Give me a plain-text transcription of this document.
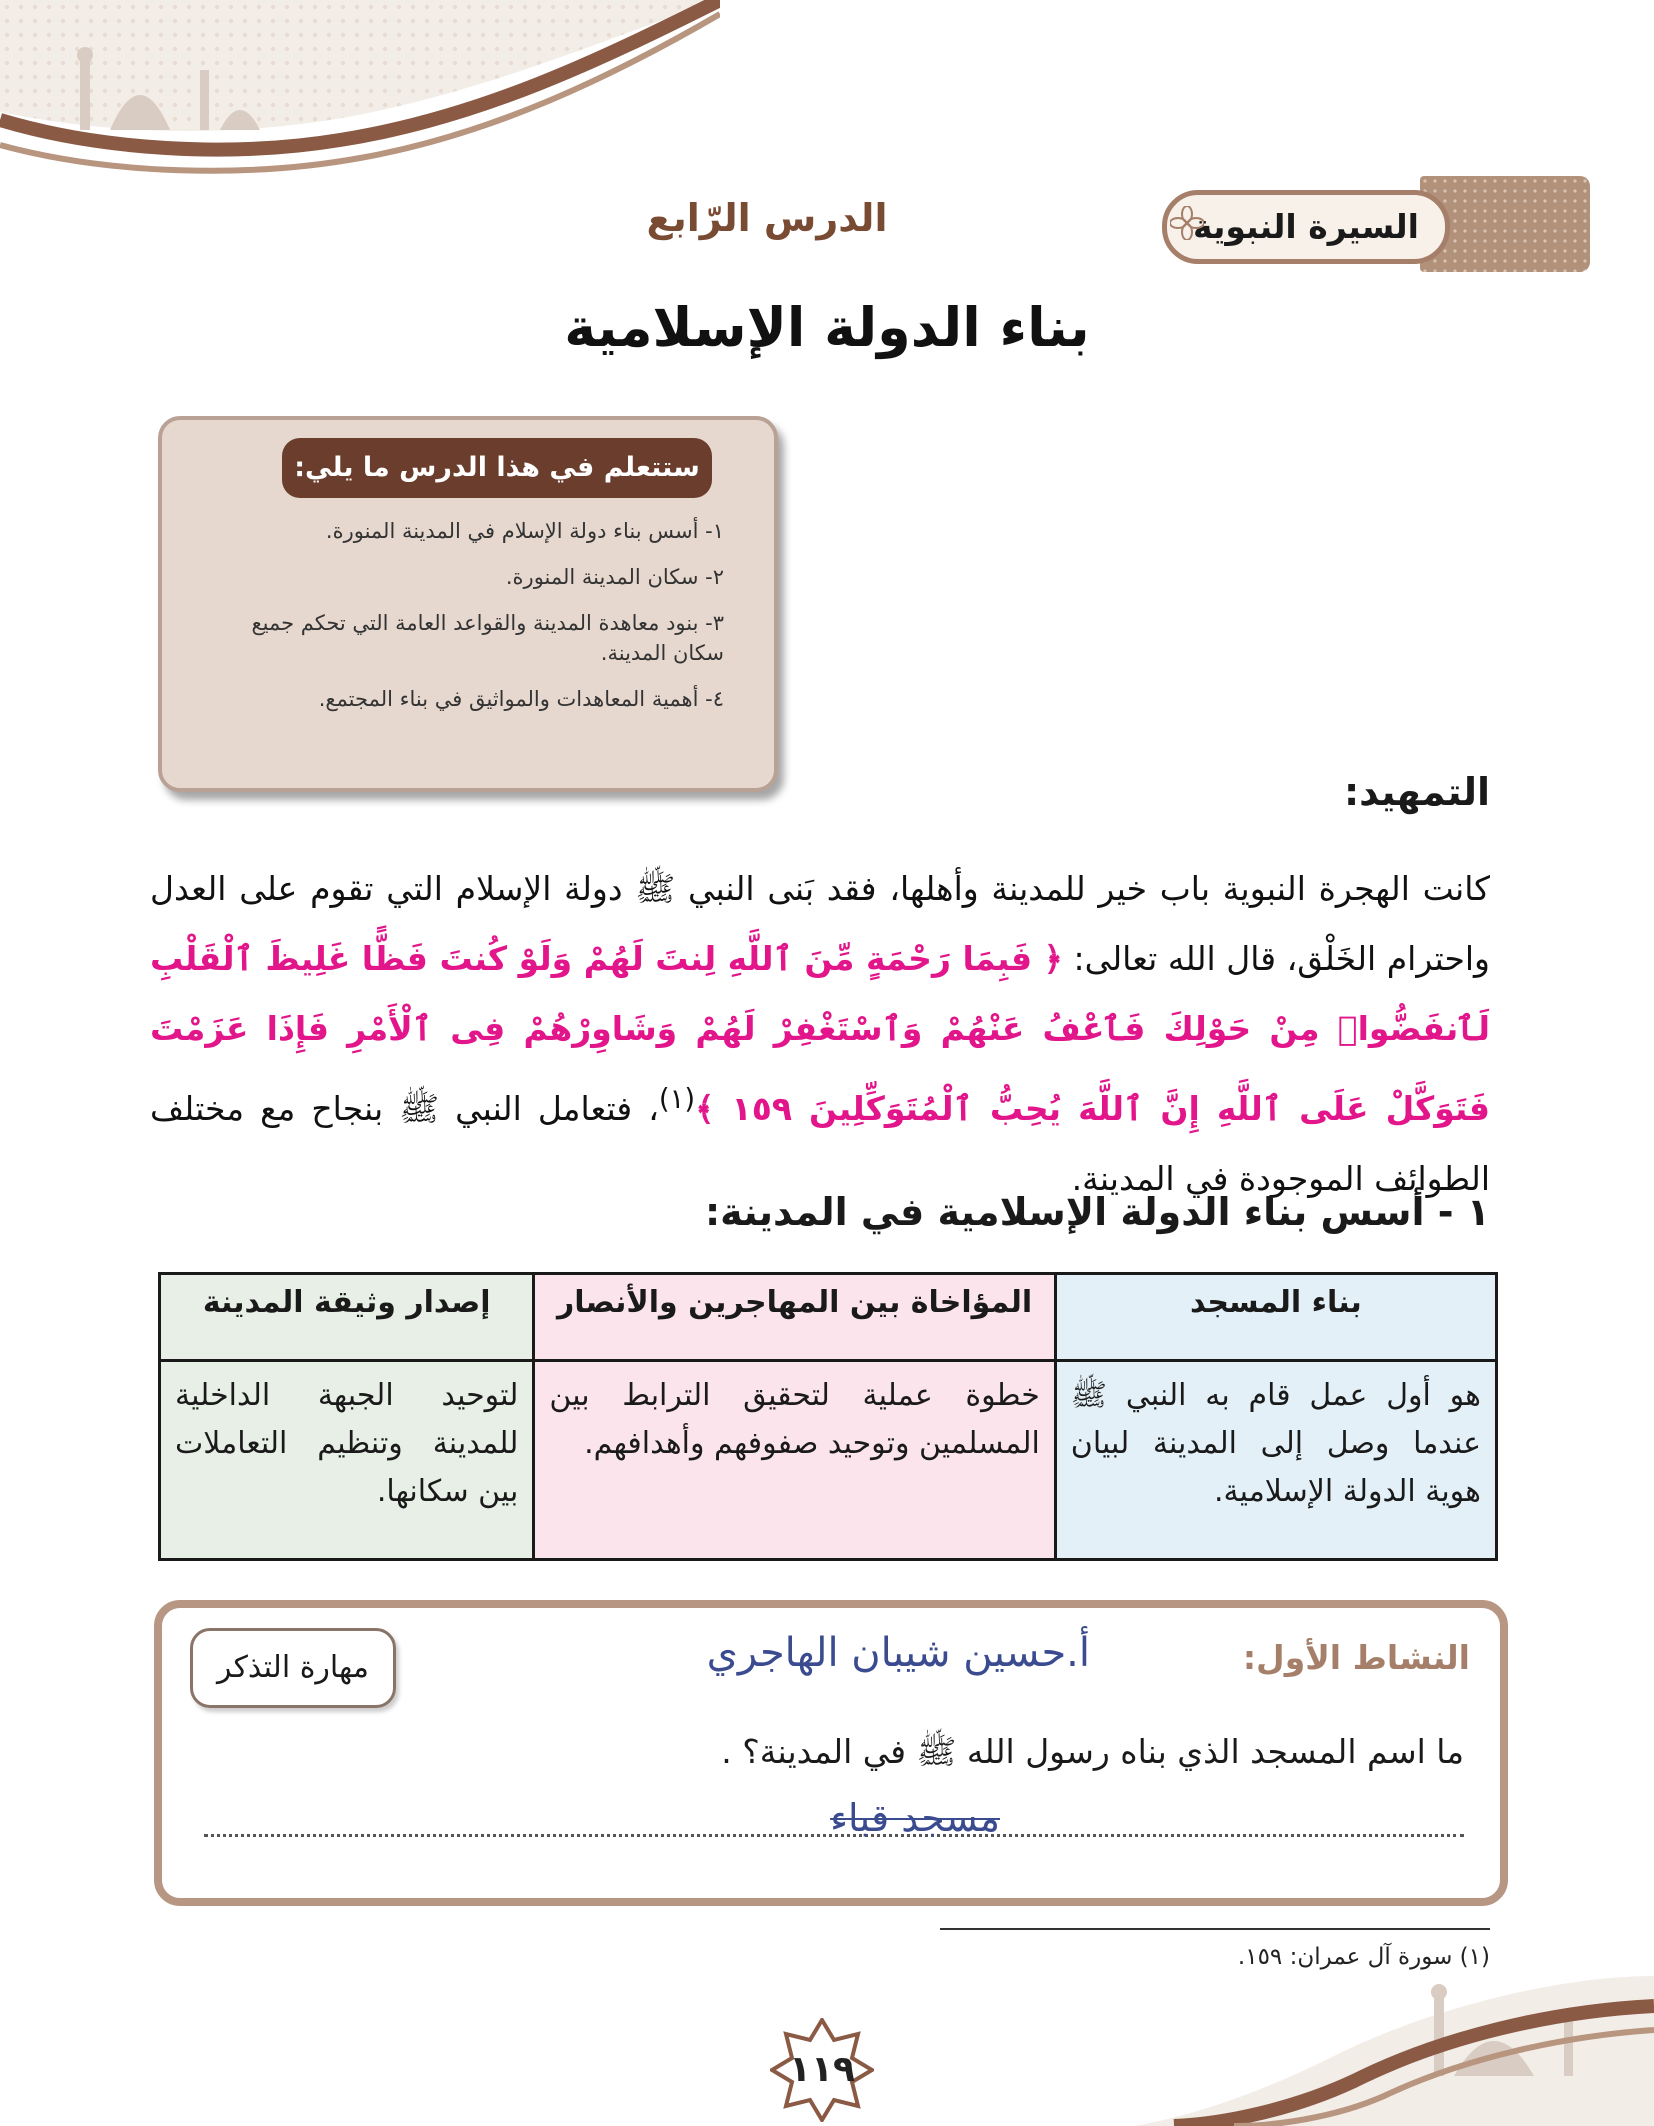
السيرة النبوية
الدرس الرّابع
بناء الدولة الإسلامية
ستتعلم في هذا الدرس ما يلي:
١- أسس بناء دولة الإسلام في المدينة المنورة.
٢- سكان المدينة المنورة.
٣- بنود معاهدة المدينة والقواعد العامة التي تحكم جميع سكان المدينة.
٤- أهمية المعاهدات والمواثيق في بناء المجتمع.
التمهيد:
كانت الهجرة النبوية باب خير للمدينة وأهلها، فقد بَنى النبي ﷺ دولة الإسلام التي تقوم على العدل واحترام الخَلْق، قال الله تعالى: ﴿ فَبِمَا رَحْمَةٍ مِّنَ ٱللَّهِ لِنتَ لَهُمْ وَلَوْ كُنتَ فَظًّا غَلِيظَ ٱلْقَلْبِ لَٱنفَضُّوا۟ مِنْ حَوْلِكَ فَٱعْفُ عَنْهُمْ وَٱسْتَغْفِرْ لَهُمْ وَشَاوِرْهُمْ فِى ٱلْأَمْرِ فَإِذَا عَزَمْتَ فَتَوَكَّلْ عَلَى ٱللَّهِ إِنَّ ٱللَّهَ يُحِبُّ ٱلْمُتَوَكِّلِينَ ١٥٩ ﴾$^{(١)}$، فتعامل النبي ﷺ بنجاح مع مختلف الطوائف الموجودة في المدينة.
١ - أسس بناء الدولة الإسلامية في المدينة:
بناء المسجد	المؤاخاة بين المهاجرين والأنصار	إصدار وثيقة المدينة
هو أول عمل قام به النبي ﷺ عندما وصل إلى المدينة لبيان هوية الدولة الإسلامية.	خطوة عملية لتحقيق الترابط بين المسلمين وتوحيد صفوفهم وأهدافهم.	لتوحيد الجبهة الداخلية للمدينة وتنظيم التعاملات بين سكانها.
النشاط الأول:
أ.حسين شيبان الهاجري
مهارة التذكر
ما اسم المسجد الذي بناه رسول الله ﷺ في المدينة؟ .
مسجد قباء
(١) سورة آل عمران: ١٥٩.
١١٩
